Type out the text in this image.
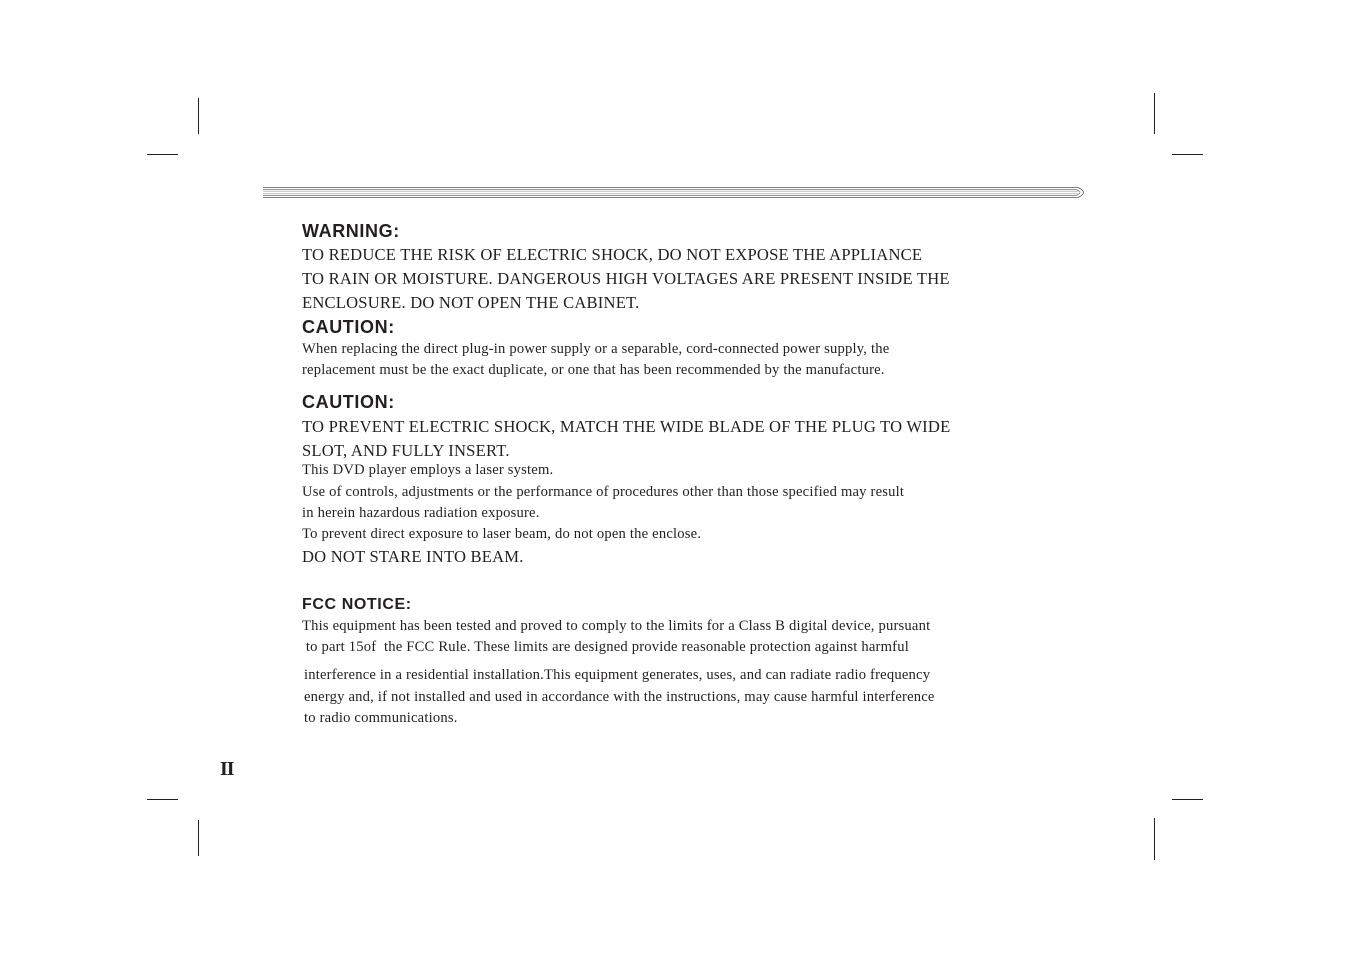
WARNING:

TO REDUCE THE RISK OF ELECTRIC SHOCK, DO NOT EXPOSE THE APPLIANCE

TO RAIN OR MOISTURE. DANGEROUS HIGH VOLTAGES ARE PRESENT INSIDE THE

ENCLOSURE. DO NOT OPEN THE CABINET.

CAUTION:

When replacing the direct plug-in power supply or a separable, cord-connected power supply, the

replacement must be the exact duplicate, or one that has been recommended by the manufacture.

CAUTION:

TO PREVENT ELECTRIC SHOCK, MATCH THE WIDE BLADE OF THE PLUG TO WIDE

SLOT, AND FULLY INSERT.

This DVD player employs a laser system.

Use of controls, adjustments or the performance of procedures other than those specified may result

in herein hazardous radiation exposure.

To prevent direct exposure to laser beam, do not open the enclose.

DO NOT STARE INTO BEAM.

FCC NOTICE:

This equipment has been tested and proved to comply to the limits for a Class B digital device, pursuant

to part 15of  the FCC Rule. These limits are designed provide reasonable protection against harmful

interference in a residential installation.This equipment generates, uses, and can radiate radio frequency

energy and, if not installed and used in accordance with the instructions, may cause harmful interference

to radio communications.

II
